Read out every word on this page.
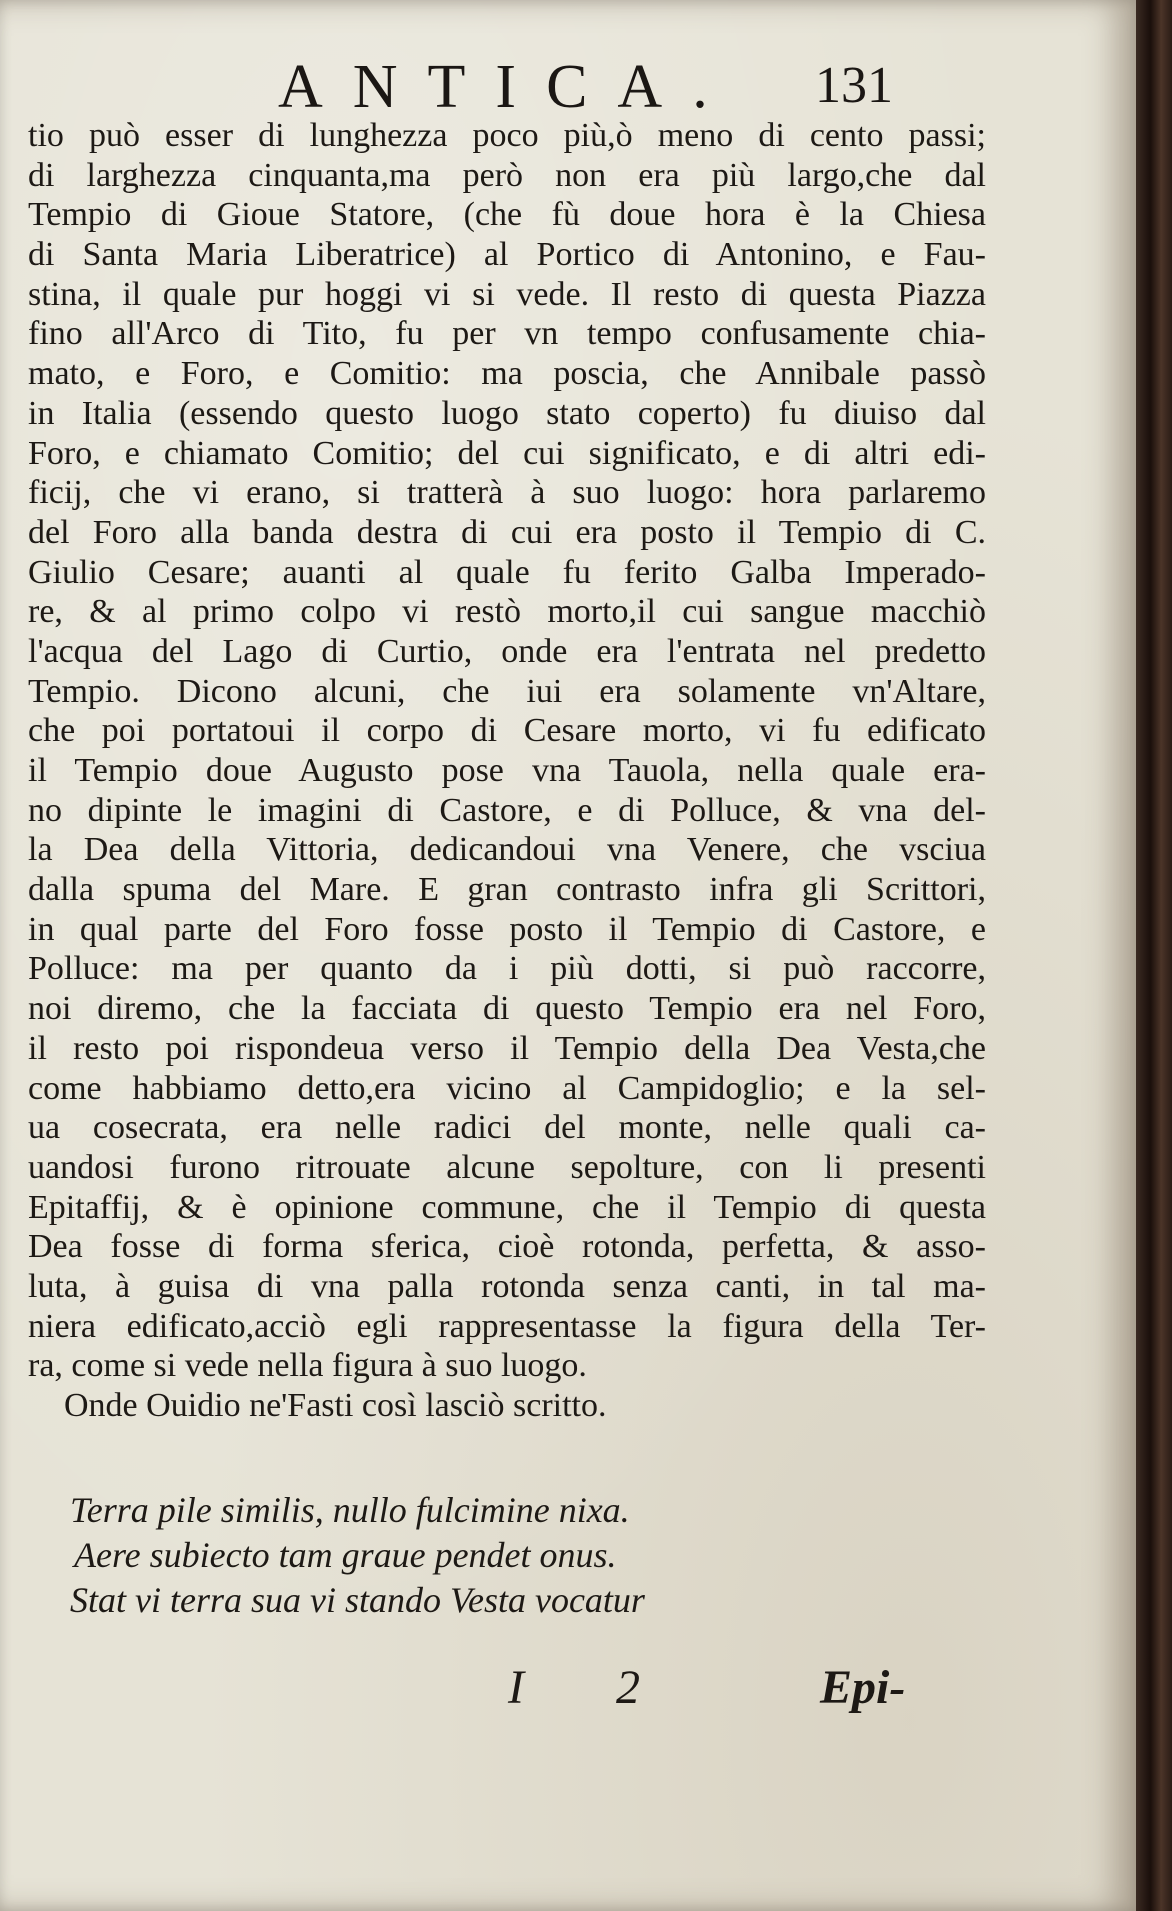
ANTICA. 131
tio può esser di lunghezza poco più,ò meno di cento passi;
di larghezza cinquanta,ma però non era più largo,che dal
Tempio di Gioue Statore, (che fù doue hora è la Chiesa
di Santa Maria Liberatrice) al Portico di Antonino, e Fau-
stina, il quale pur hoggi vi si vede. Il resto di questa Piazza
fino all'Arco di Tito, fu per vn tempo confusamente chia-
mato, e Foro, e Comitio: ma poscia, che Annibale passò
in Italia (essendo questo luogo stato coperto) fu diuiso dal
Foro, e chiamato Comitio; del cui significato, e di altri edi-
ficij, che vi erano, si tratterà à suo luogo: hora parlaremo
del Foro alla banda destra di cui era posto il Tempio di C.
Giulio Cesare; auanti al quale fu ferito Galba Imperado-
re, & al primo colpo vi restò morto,il cui sangue macchiò
l'acqua del Lago di Curtio, onde era l'entrata nel predetto
Tempio. Dicono alcuni, che iui era solamente vn'Altare,
che poi portatoui il corpo di Cesare morto, vi fu edificato
il Tempio doue Augusto pose vna Tauola, nella quale era-
no dipinte le imagini di Castore, e di Polluce, & vna del-
la Dea della Vittoria, dedicandoui vna Venere, che vsciua
dalla spuma del Mare. E gran contrasto infra gli Scrittori,
in qual parte del Foro fosse posto il Tempio di Castore, e
Polluce: ma per quanto da i più dotti, si può raccorre,
noi diremo, che la facciata di questo Tempio era nel Foro,
il resto poi rispondeua verso il Tempio della Dea Vesta,che
come habbiamo detto,era vicino al Campidoglio; e la sel-
ua cosecrata, era nelle radici del monte, nelle quali ca-
uandosi furono ritrouate alcune sepolture, con li presenti
Epitaffij, & è opinione commune, che il Tempio di questa
Dea fosse di forma sferica, cioè rotonda, perfetta, & asso-
luta, à guisa di vna palla rotonda senza canti, in tal ma-
niera edificato,acciò egli rappresentasse la figura della Ter-
ra, come si vede nella figura à suo luogo.
Onde Ouidio ne'Fasti così lasciò scritto.
Terra pile similis, nullo fulcimine nixa.
Aere subiecto tam graue pendet onus.
Stat vi terra sua vi stando Vesta vocatur
I 2	Epi-
